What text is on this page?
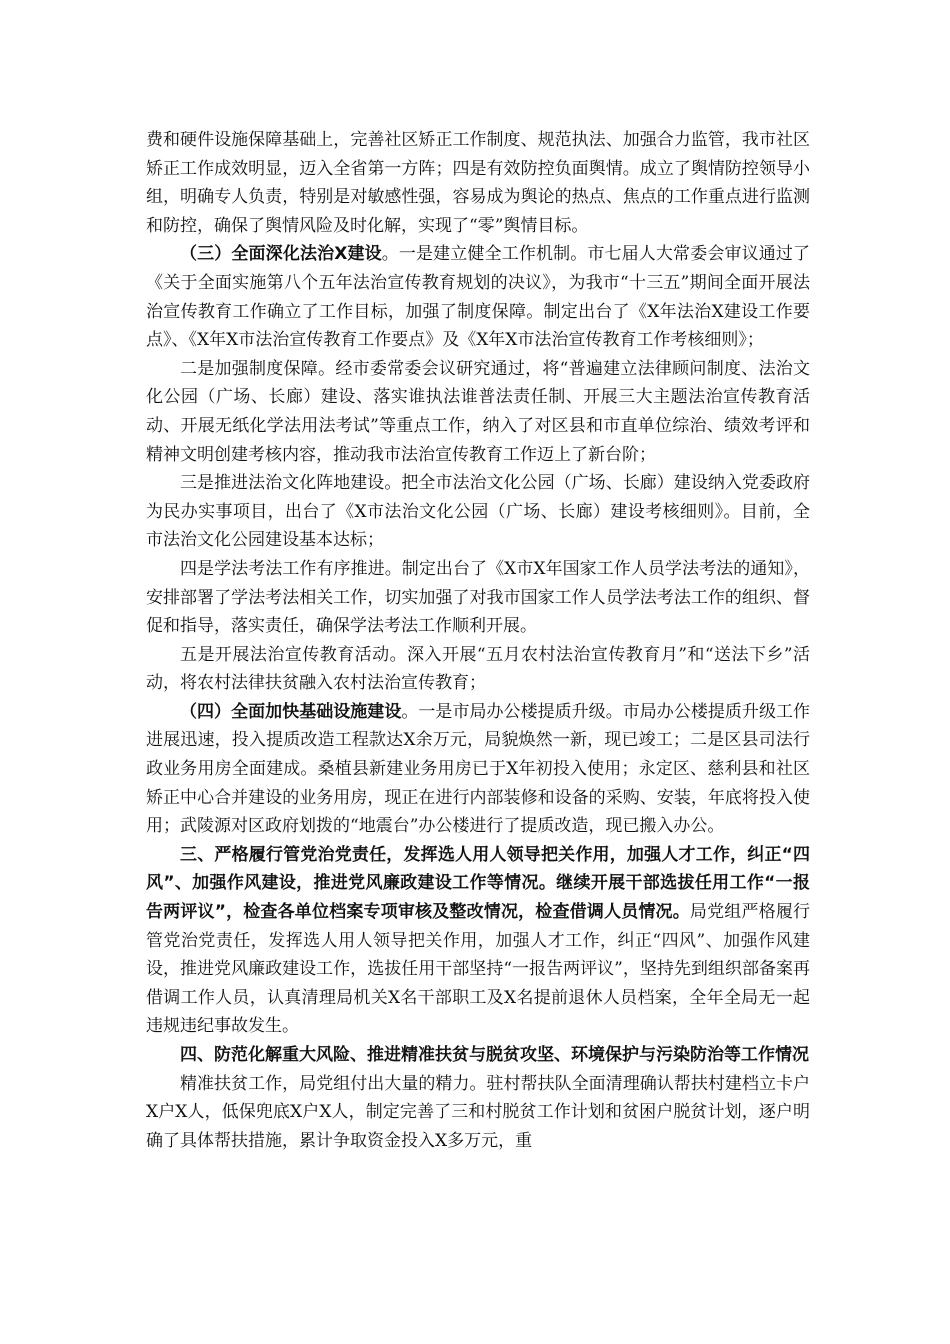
费和硬件设施保障基础上，完善社区矫正工作制度、规范执法、加强合力监管，我市社区矫正工作成效明显，迈入全省第一方阵；四是有效防控负面舆情。成立了舆情防控领导小组，明确专人负责，特别是对敏感性强，容易成为舆论的热点、焦点的工作重点进行监测和防控，确保了舆情风险及时化解，实现了“零”舆情目标。

（三）全面深化法治X建设。一是建立健全工作机制。市七届人大常委会审议通过了《关于全面实施第八个五年法治宣传教育规划的决议》，为我市“十三五”期间全面开展法治宣传教育工作确立了工作目标，加强了制度保障。制定出台了《X年法治X建设工作要点》、《X年X市法治宣传教育工作要点》及《X年X市法治宣传教育工作考核细则》；

二是加强制度保障。经市委常委会议研究通过，将“普遍建立法律顾问制度、法治文化公园（广场、长廊）建设、落实谁执法谁普法责任制、开展三大主题法治宣传教育活动、开展无纸化学法用法考试”等重点工作，纳入了对区县和市直单位综治、绩效考评和精神文明创建考核内容，推动我市法治宣传教育工作迈上了新台阶；

三是推进法治文化阵地建设。把全市法治文化公园（广场、长廊）建设纳入党委政府为民办实事项目，出台了《X市法治文化公园（广场、长廊）建设考核细则》。目前，全市法治文化公园建设基本达标；

四是学法考法工作有序推进。制定出台了《X市X年国家工作人员学法考法的通知》，安排部署了学法考法相关工作，切实加强了对我市国家工作人员学法考法工作的组织、督促和指导，落实责任，确保学法考法工作顺利开展。

五是开展法治宣传教育活动。深入开展“五月农村法治宣传教育月”和“送法下乡”活动，将农村法律扶贫融入农村法治宣传教育；

（四）全面加快基础设施建设。一是市局办公楼提质升级。市局办公楼提质升级工作进展迅速，投入提质改造工程款达X余万元，局貌焕然一新，现已竣工；二是区县司法行政业务用房全面建成。桑植县新建业务用房已于X年初投入使用；永定区、慈利县和社区矫正中心合并建设的业务用房，现正在进行内部装修和设备的采购、安装，年底将投入使用；武陵源对区政府划拨的“地震台”办公楼进行了提质改造，现已搬入办公。

三、严格履行管党治党责任，发挥选人用人领导把关作用，加强人才工作，纠正“四风”、加强作风建设，推进党风廉政建设工作等情况。继续开展干部选拔任用工作“一报告两评议”，检查各单位档案专项审核及整改情况，检查借调人员情况。局党组严格履行管党治党责任，发挥选人用人领导把关作用，加强人才工作，纠正“四风”、加强作风建设，推进党风廉政建设工作，选拔任用干部坚持“一报告两评议”，坚持先到组织部备案再借调工作人员，认真清理局机关X名干部职工及X名提前退休人员档案，全年全局无一起违规违纪事故发生。

四、防范化解重大风险、推进精准扶贫与脱贫攻坚、环境保护与污染防治等工作情况

精准扶贫工作，局党组付出大量的精力。驻村帮扶队全面清理确认帮扶村建档立卡户X户X人，低保兜底X户X人，制定完善了三和村脱贫工作计划和贫困户脱贫计划，逐户明确了具体帮扶措施，累计争取资金投入X多万元，重
